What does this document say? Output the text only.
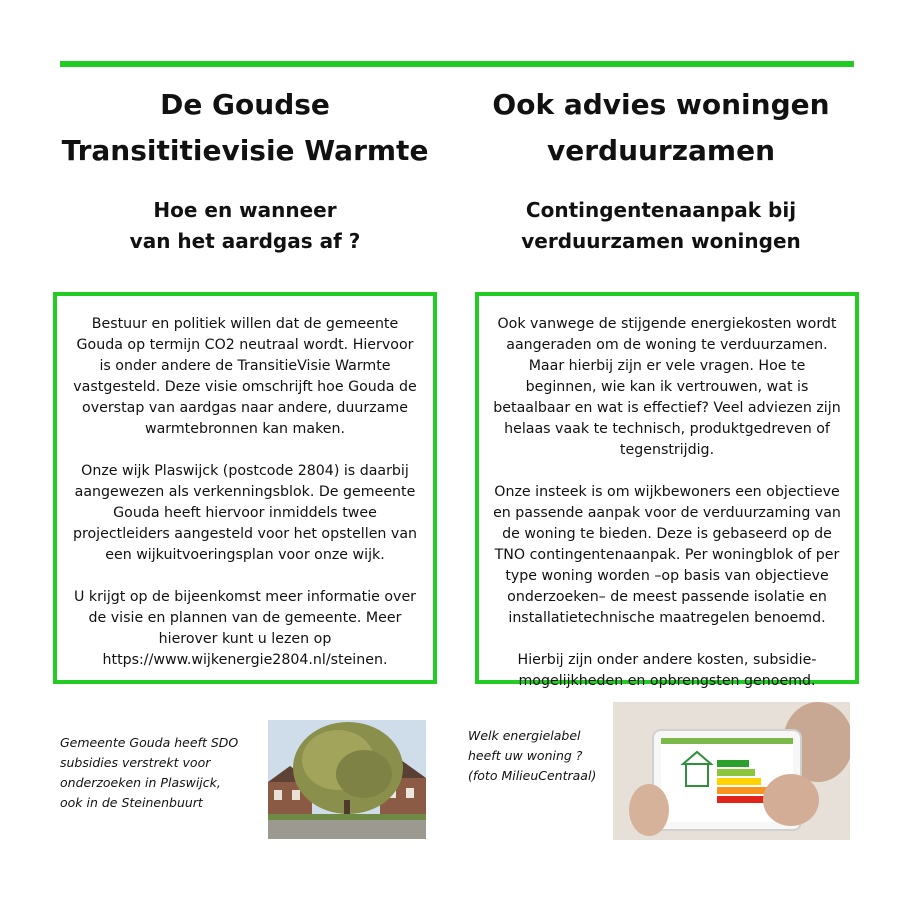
De Goudse Transititievisie Warmte
Hoe en wanneer
van het aardgas af ?
Ook advies woningen verduurzamen
Contingentenaanpak bij
verduurzamen woningen

Bestuur en politiek willen dat de gemeente Gouda op termijn CO2 neutraal wordt. Hiervoor is onder andere de TransitieVisie Warmte vastgesteld. Deze visie omschrijft hoe Gouda de overstap van aardgas naar andere, duurzame warmtebronnen kan maken.

Onze wijk Plaswijck (postcode 2804) is daarbij aangewezen als verkenningsblok. De gemeente Gouda heeft hiervoor inmiddels twee projectleiders aangesteld voor het opstellen van een wijkuitvoeringsplan voor onze wijk.

U krijgt op de bijeenkomst meer informatie over de visie en plannen van de gemeente. Meer hierover kunt u lezen op https://www.wijkenergie2804.nl/steinen.

Ook vanwege de stijgende energiekosten wordt aangeraden om de woning te verduurzamen. Maar hierbij zijn er vele vragen. Hoe te beginnen, wie kan ik vertrouwen, wat is betaalbaar en wat is effectief? Veel adviezen zijn helaas vaak te technisch, produktgedreven of tegenstrijdig.

Onze insteek is om wijkbewoners een objectieve en passende aanpak voor de verduurzaming van de woning te bieden. Deze is gebaseerd op de TNO contingentenaanpak. Per woningblok of per type woning worden –op basis van objectieve onderzoeken– de meest passende isolatie en installatietechnische maatregelen benoemd.

Hierbij zijn onder andere kosten, subsidie-mogelijkheden en opbrengsten genoemd.

Gemeente Gouda heeft SDO
subsidies verstrekt voor
onderzoeken in Plaswijck,
ook in de Steinenbuurt
Welk energielabel
heeft uw woning ?
(foto MilieuCentraal)
